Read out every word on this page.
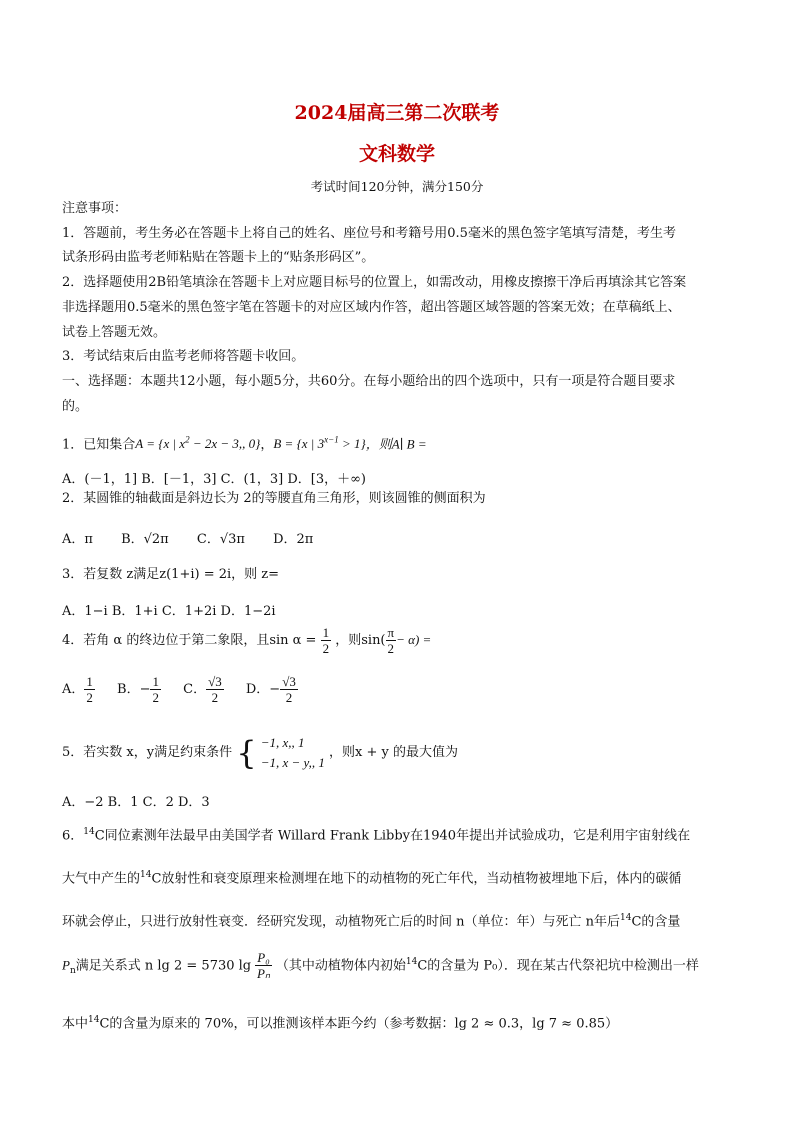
2024届高三第二次联考
文科数学
考试时间120分钟，满分150分
注意事项：
1．答题前，考生务必在答题卡上将自己的姓名、座位号和考籍号用0.5毫米的黑色签字笔填写清楚，考生考
试条形码由监考老师粘贴在答题卡上的“贴条形码区”。
2．选择题使用2B铅笔填涂在答题卡上对应题目标号的位置上，如需改动，用橡皮擦擦干净后再填涂其它答案
非选择题用0.5毫米的黑色签字笔在答题卡的对应区域内作答，超出答题区域答题的答案无效；在草稿纸上、
试卷上答题无效。
3．考试结束后由监考老师将答题卡收回。
一、选择题：本题共12小题，每小题5分，共60分。在每小题给出的四个选项中，只有一项是符合题目要求
的。
1．已知集合A = {x | $x^2 - 2x - 3$,, 0}，B = {x | $3^{x-1} > 1$}，则A∣ B =
A．(－1，1] B．[－1，3] C．(1，3] D．[3，＋∞)
2．某圆锥的轴截面是斜边长为 2的等腰直角三角形，则该圆锥的侧面积为
A．π B．√2π C．√3π D．2π
3．若复数 z满足z(1+i) = 2i，则 z=
A．1−i B．1+i C．1+2i D．1−2i
4．若角 α 的终边位于第二象限，且$\sin \alpha = \frac{1}{2}$ ，则$\sin( \frac{\pi}{2} - \alpha)$ =
A． $\frac{1}{2}$ B．− $\frac{1}{2}$ C． $\frac{√3}{2}$ D．− $\frac{√3}{2}$
5．若实数 x，y满足约束条件 { −1, x,, 1
−1, x − y,, 1
，则x + y 的最大值为
A．−2 B．1 C．2 D．3
6．$^{14}$C同位素测年法最早由美国学者 Willard Frank Libby在1940年提出并试验成功，它是利用宇宙射线在
大气中产生的$^{14}$C放射性和衰变原理来检测埋在地下的动植物的死亡年代，当动植物被埋地下后，体内的碳循
环就会停止，只进行放射性衰变．经研究发现，动植物死亡后的时间 n（单位：年）与死亡 n年后$^{14}$C的含量
$P_n$满足关系式 n lg 2 = 5730 $\lg \frac{\text{P₀}}{\text{Pₙ}}$ （其中动植物体内初始$^{14}$C的含量为 P₀）．现在某古代祭祀坑中检测出一样
本中$^{14}$C的含量为原来的 70%，可以推测该样本距今约（参考数据：lg 2 ≈ 0.3，lg 7 ≈ 0.85）
